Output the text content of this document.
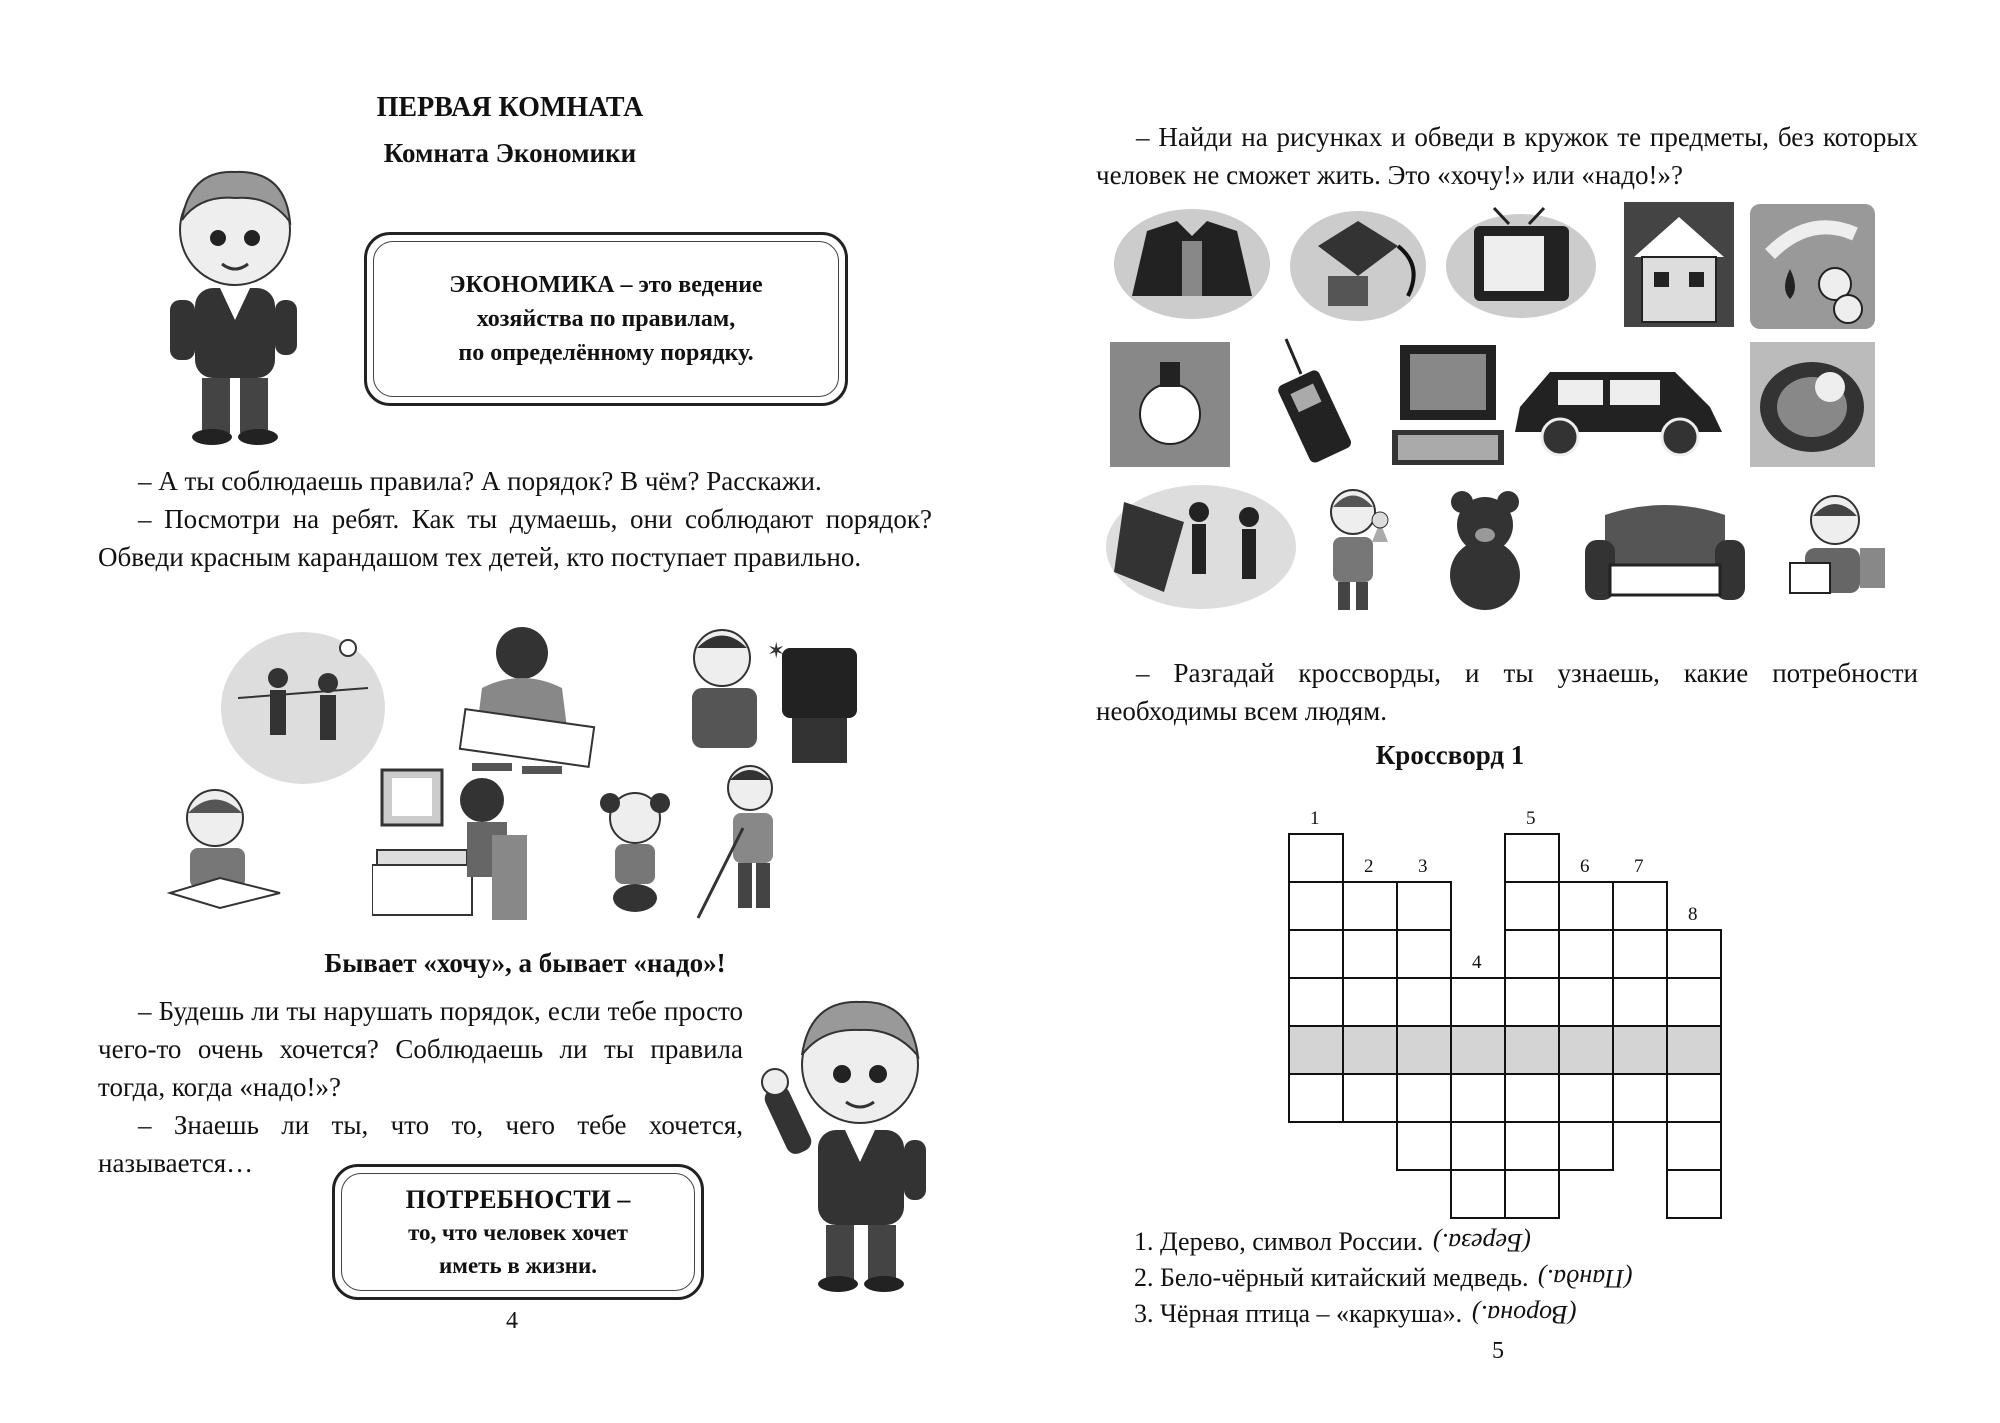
ПЕРВАЯ КОМНАТА
Комната Экономики
ЭКОНОМИКА – это ведение
хозяйства по правилам,
по определённому порядку.
– А ты соблюдаешь правила? А порядок? В чём? Расскажи.
– Посмотри на ребят. Как ты думаешь, они соблюдают порядок? Обведи красным карандашом тех детей, кто поступает правильно.
✶
Бывает «хочу», а бывает «надо»!
– Будешь ли ты нарушать порядок, если тебе просто чего-то очень хочется? Соблюдаешь ли ты правила тогда, когда «надо!»?
– Знаешь ли ты, что то, чего тебе хочется, называется…
ПОТРЕБНОСТИ –
то, что человек хочет
иметь в жизни.
4
– Найди на рисунках и обведи в кружок те предметы, без которых человек не сможет жить. Это «хочу!» или «надо!»?
– Разгадай кроссворды, и ты узнаешь, какие потребности необходимы всем людям.
Кроссворд 1
1
2 3
4
5
6 7
8
1. Дерево, символ России. (Береза.)
2. Бело-чёрный китайский медведь. (Панда.)
3. Чёрная птица – «каркуша». (Ворона.)
5
